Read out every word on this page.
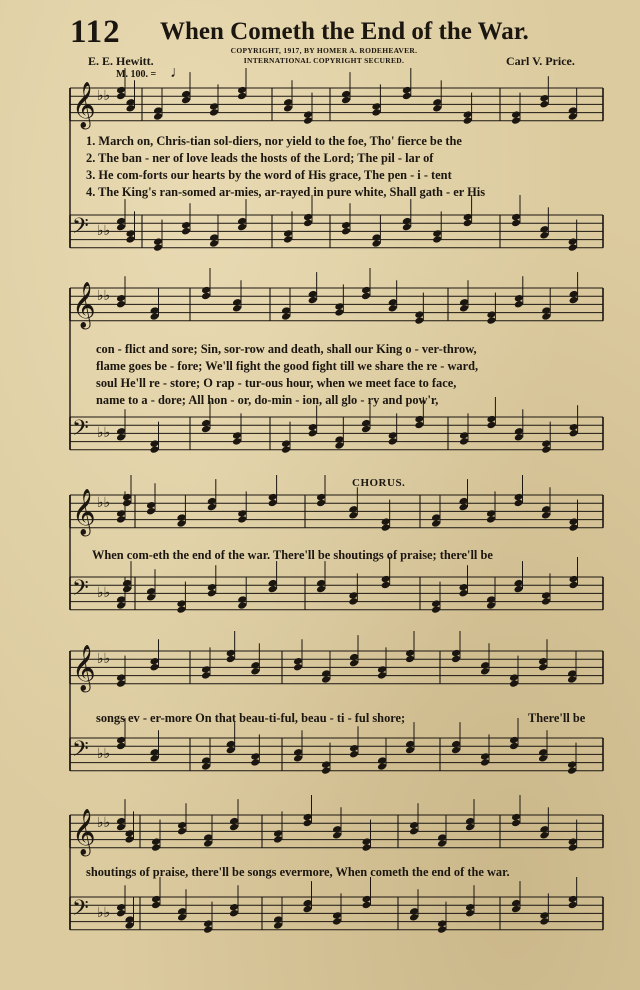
112 When Cometh the End of the War.
COPYRIGHT, 1917, BY HOMER A. RODEHEAVER.
INTERNATIONAL COPYRIGHT SECURED.
E. E. Hewitt.	Carl V. Price.
M. 100. = ♩
𝄞 ♭♭
𝄢 ♭♭
𝄞 ♭♭
𝄢 ♭♭
𝄞 ♭♭
𝄢 ♭♭
𝄞 ♭♭
𝄢 ♭♭
𝄞 ♭♭
𝄢 ♭♭
1. March on, Chris-tian sol-diers, nor yield to the foe, Tho' fierce be the
2. The ban - ner of love leads the hosts of the Lord; The pil - lar of
3. He com-forts our hearts by the word of His grace, The pen - i - tent
4. The King's ran-somed ar-mies, ar-rayed in pure white, Shall gath - er His
con - flict and sore; Sin, sor-row and death, shall our King o - ver-throw,
flame goes be - fore; We'll fight the good fight till we share the re - ward,
soul He'll re - store; O rap - tur-ous hour, when we meet face to face,
name to a - dore; All hon - or, do-min - ion, all glo - ry and pow'r,
CHORUS.
When com-eth the end of the war. There'll be shoutings of praise; there'll be
songs ev - er-more On that beau-ti-ful, beau - ti - ful shore;	There'll be
shoutings of praise, there'll be songs evermore, When cometh the end of the war.
